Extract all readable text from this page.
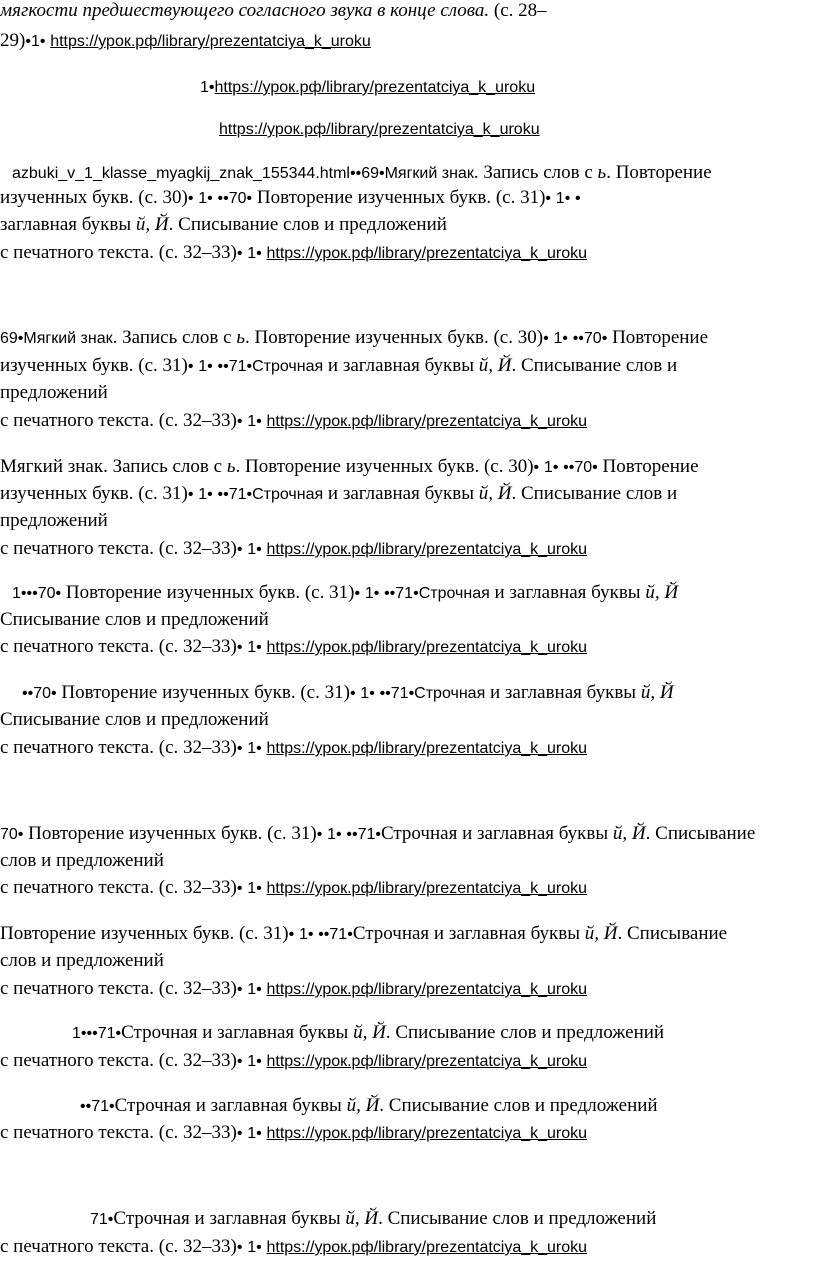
мягкости предшествующего согласного звука в конце слова. (с. 28–
29)•1• https://урок.рф/library/prezentatciya_k_uroku
1•https://урок.рф/library/prezentatciya_k_uroku
https://урок.рф/library/prezentatciya_k_uroku
azbuki_v_1_klasse_myagkij_znak_155344.html••69•Мягкий знак. Запись слов с ь. Повторение
изученных букв. (с. 30)• 1• ••70• Повторение изученных букв. (с. 31)• 1• •
заглавная буквы й, Й. Списывание слов и предложений
с печатного текста. (с. 32–33)• 1• https://урок.рф/library/prezentatciya_k_uroku
69•Мягкий знак. Запись слов с ь. Повторение изученных букв. (с. 30)• 1• ••70• Повторение
изученных букв. (с. 31)• 1• ••71•Строчная и заглавная буквы й, Й. Списывание слов и
предложений
с печатного текста. (с. 32–33)• 1• https://урок.рф/library/prezentatciya_k_uroku
Мягкий знак. Запись слов с ь. Повторение изученных букв. (с. 30)• 1• ••70• Повторение
изученных букв. (с. 31)• 1• ••71•Строчная и заглавная буквы й, Й. Списывание слов и
предложений
с печатного текста. (с. 32–33)• 1• https://урок.рф/library/prezentatciya_k_uroku
1•••70• Повторение изученных букв. (с. 31)• 1• ••71•Строчная и заглавная буквы й, Й
Списывание слов и предложений
с печатного текста. (с. 32–33)• 1• https://урок.рф/library/prezentatciya_k_uroku
••70• Повторение изученных букв. (с. 31)• 1• ••71•Строчная и заглавная буквы й, Й
Списывание слов и предложений
с печатного текста. (с. 32–33)• 1• https://урок.рф/library/prezentatciya_k_uroku
70• Повторение изученных букв. (с. 31)• 1• ••71•Строчная и заглавная буквы й, Й. Списывание
слов и предложений
с печатного текста. (с. 32–33)• 1• https://урок.рф/library/prezentatciya_k_uroku
Повторение изученных букв. (с. 31)• 1• ••71•Строчная и заглавная буквы й, Й. Списывание
слов и предложений
с печатного текста. (с. 32–33)• 1• https://урок.рф/library/prezentatciya_k_uroku
1•••71•Строчная и заглавная буквы й, Й. Списывание слов и предложений
с печатного текста. (с. 32–33)• 1• https://урок.рф/library/prezentatciya_k_uroku
••71•Строчная и заглавная буквы й, Й. Списывание слов и предложений
с печатного текста. (с. 32–33)• 1• https://урок.рф/library/prezentatciya_k_uroku
71•Строчная и заглавная буквы й, Й. Списывание слов и предложений
с печатного текста. (с. 32–33)• 1• https://урок.рф/library/prezentatciya_k_uroku
